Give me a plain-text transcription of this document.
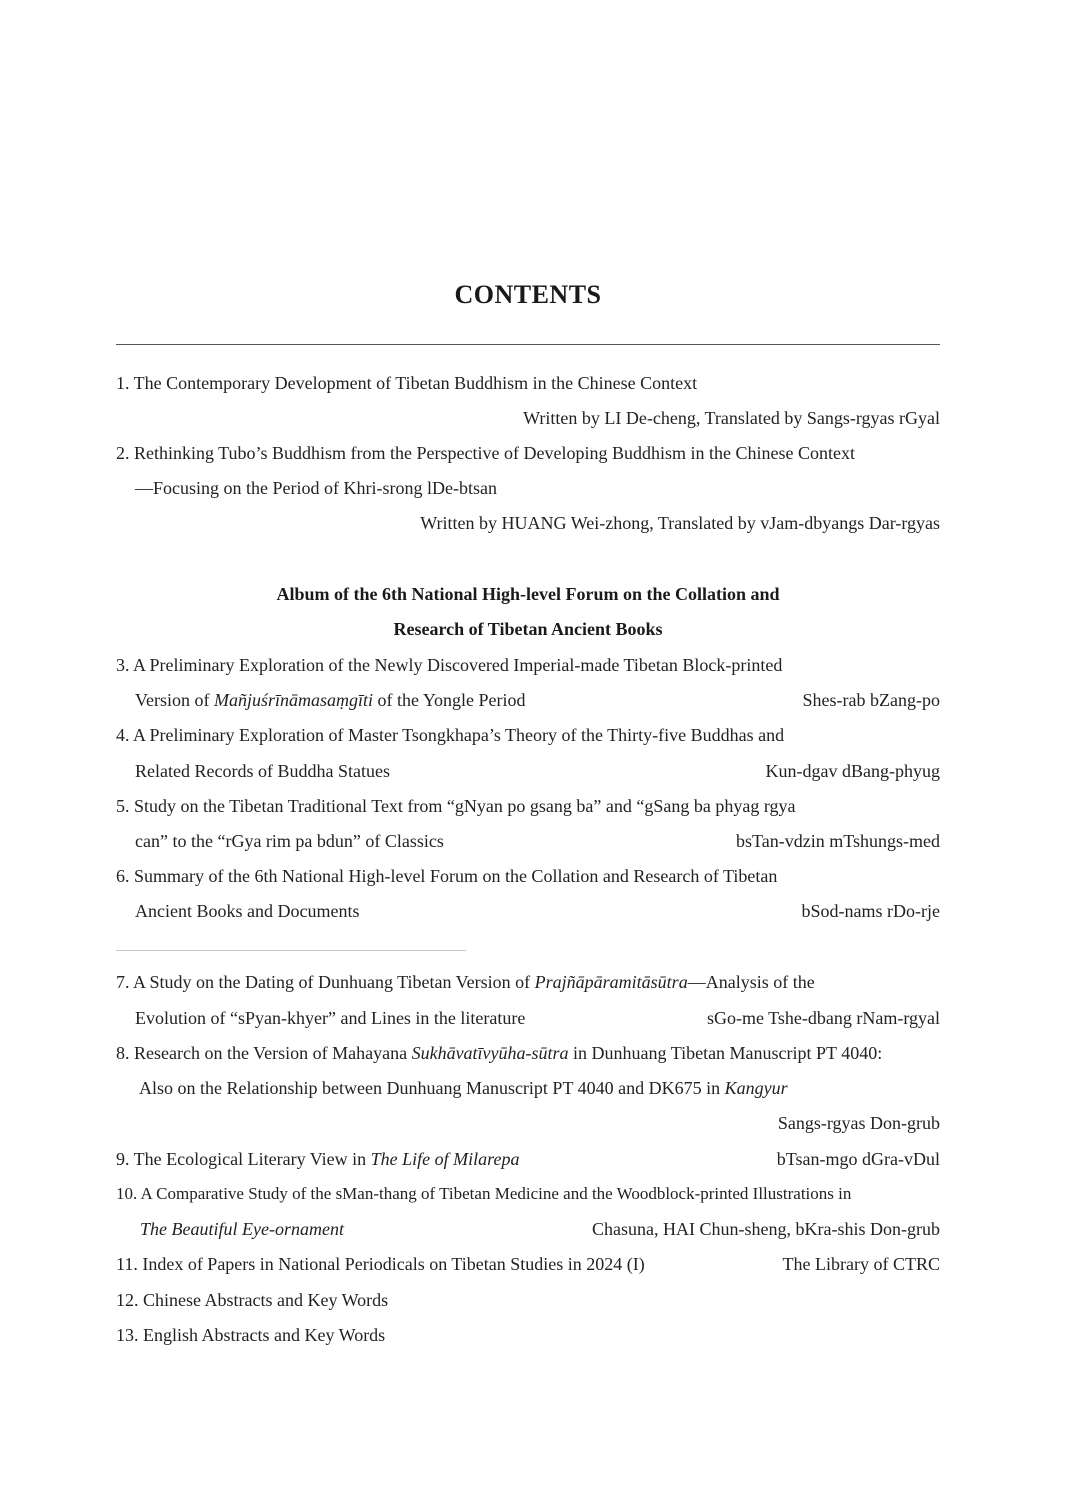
CONTENTS
1. The Contemporary Development of Tibetan Buddhism in the Chinese Context
Written by LI De-cheng, Translated by Sangs-rgyas rGyal
2. Rethinking Tubo’s Buddhism from the Perspective of Developing Buddhism in the Chinese Context
—Focusing on the Period of Khri-srong lDe-btsan
Written by HUANG Wei-zhong, Translated by vJam-dbyangs Dar-rgyas
Album of the 6th National High-level Forum on the Collation and
Research of Tibetan Ancient Books
3. A Preliminary Exploration of the Newly Discovered Imperial-made Tibetan Block-printed
Version of Mañjuśrīnāmasaṃgīti of the Yongle Period	Shes-rab bZang-po
4. A Preliminary Exploration of Master Tsongkhapa’s Theory of the Thirty-five Buddhas and
Related Records of Buddha Statues	Kun-dgav dBang-phyug
5. Study on the Tibetan Traditional Text from “gNyan po gsang ba” and “gSang ba phyag rgya
can” to the “rGya rim pa bdun” of Classics	bsTan-vdzin mTshungs-med
6. Summary of the 6th National High-level Forum on the Collation and Research of Tibetan
Ancient Books and Documents	bSod-nams rDo-rje
7. A Study on the Dating of Dunhuang Tibetan Version of Prajñāpāramitāsūtra—Analysis of the
Evolution of “sPyan-khyer” and Lines in the literature	sGo-me Tshe-dbang rNam-rgyal
8. Research on the Version of Mahayana Sukhāvatīvyūha-sūtra in Dunhuang Tibetan Manuscript PT 4040:
Also on the Relationship between Dunhuang Manuscript PT 4040 and DK675 in Kangyur
Sangs-rgyas Don-grub
9. The Ecological Literary View in The Life of Milarepa	bTsan-mgo dGra-vDul
10. A Comparative Study of the sMan-thang of Tibetan Medicine and the Woodblock-printed Illustrations in
The Beautiful Eye-ornament	Chasuna, HAI Chun-sheng, bKra-shis Don-grub
11. Index of Papers in National Periodicals on Tibetan Studies in 2024 (I)	The Library of CTRC
12. Chinese Abstracts and Key Words
13. English Abstracts and Key Words
